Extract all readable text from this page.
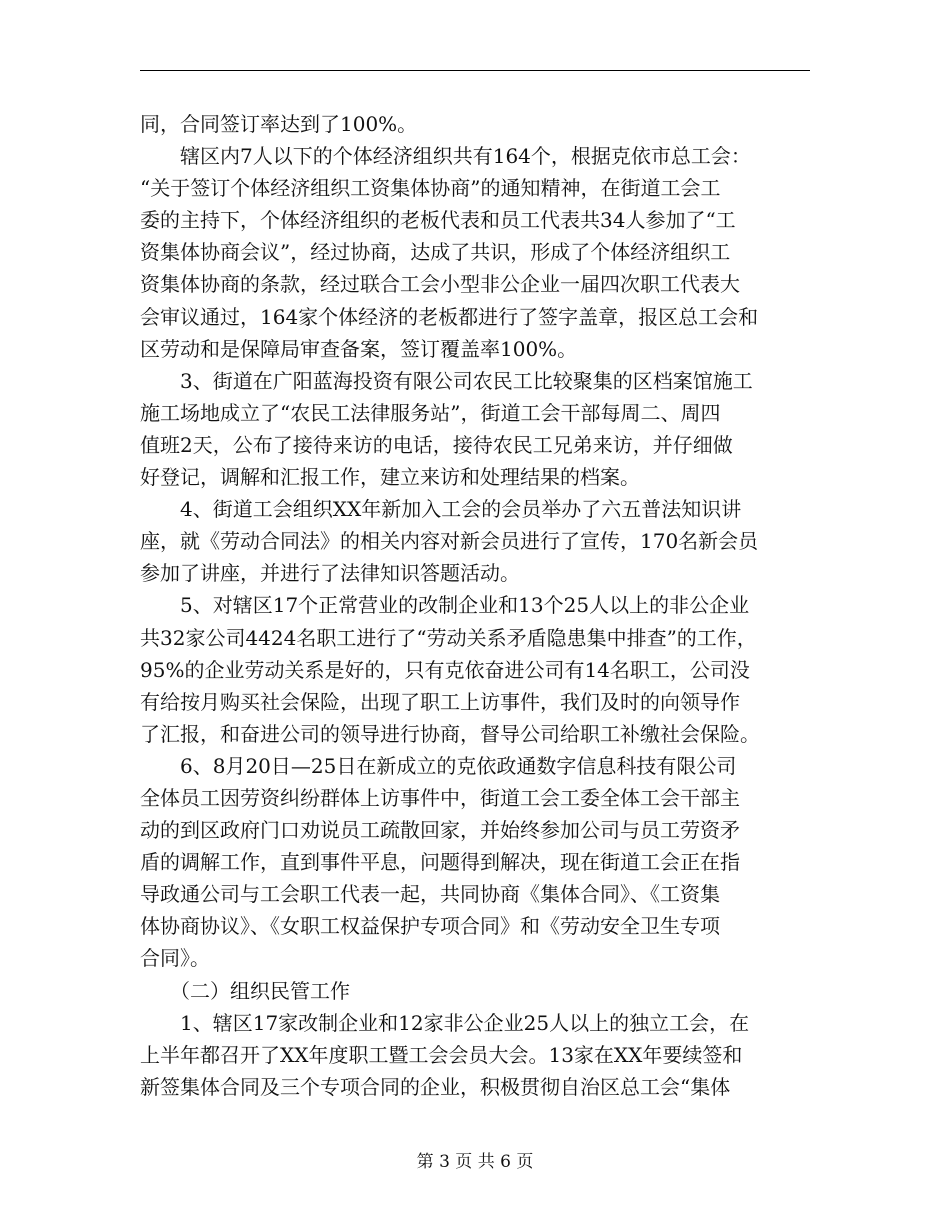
同，合同签订率达到了100%。
　　辖区内7人以下的个体经济组织共有164个，根据克依市总工会：
“关于签订个体经济组织工资集体协商”的通知精神，在街道工会工
委的主持下，个体经济组织的老板代表和员工代表共34人参加了“工
资集体协商会议”，经过协商，达成了共识，形成了个体经济组织工
资集体协商的条款，经过联合工会小型非公企业一届四次职工代表大
会审议通过，164家个体经济的老板都进行了签字盖章，报区总工会和
区劳动和是保障局审查备案，签订覆盖率100%。
　　3、街道在广阳蓝海投资有限公司农民工比较聚集的区档案馆施工
施工场地成立了“农民工法律服务站”，街道工会干部每周二、周四
值班2天，公布了接待来访的电话，接待农民工兄弟来访，并仔细做
好登记，调解和汇报工作，建立来访和处理结果的档案。
　　4、街道工会组织XX年新加入工会的会员举办了六五普法知识讲
座，就《劳动合同法》的相关内容对新会员进行了宣传，170名新会员
参加了讲座，并进行了法律知识答题活动。
　　5、对辖区17个正常营业的改制企业和13个25人以上的非公企业
共32家公司4424名职工进行了“劳动关系矛盾隐患集中排查”的工作，
95%的企业劳动关系是好的，只有克依奋进公司有14名职工，公司没
有给按月购买社会保险，出现了职工上访事件，我们及时的向领导作
了汇报，和奋进公司的领导进行协商，督导公司给职工补缴社会保险。
　　6、8月20日—25日在新成立的克依政通数字信息科技有限公司
全体员工因劳资纠纷群体上访事件中，街道工会工委全体工会干部主
动的到区政府门口劝说员工疏散回家，并始终参加公司与员工劳资矛
盾的调解工作，直到事件平息，问题得到解决，现在街道工会正在指
导政通公司与工会职工代表一起，共同协商《集体合同》、《工资集
体协商协议》、《女职工权益保护专项合同》和《劳动安全卫生专项
合同》。
　　（二）组织民管工作
　　1、辖区17家改制企业和12家非公企业25人以上的独立工会，在
上半年都召开了XX年度职工暨工会会员大会。13家在XX年要续签和
新签集体合同及三个专项合同的企业，积极贯彻自治区总工会“集体
第 3 页 共 6 页
